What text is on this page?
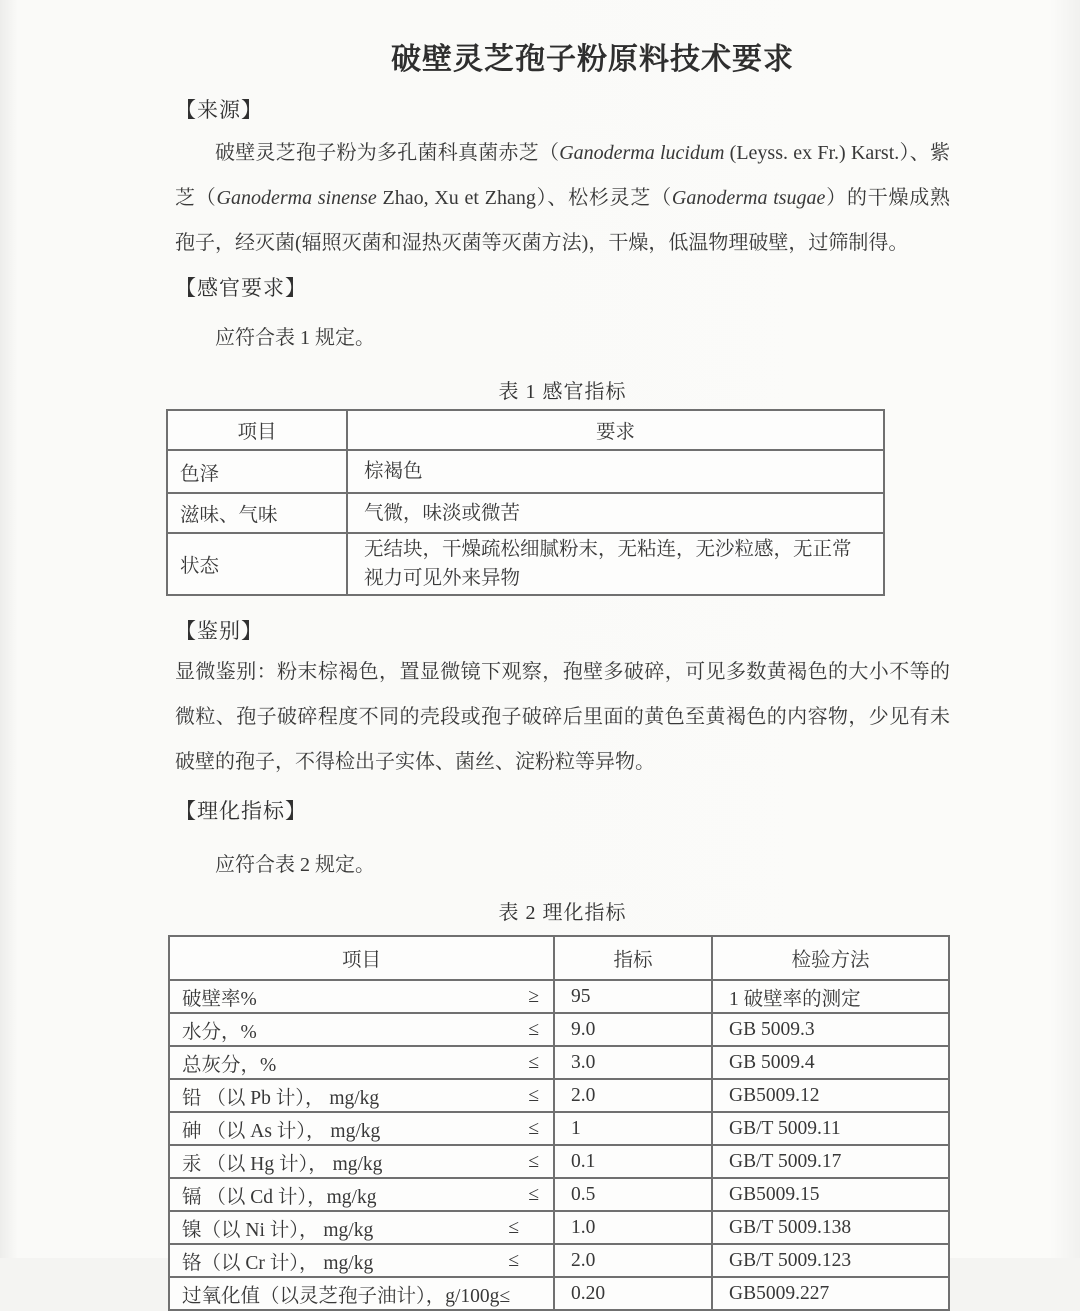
破壁灵芝孢子粉原料技术要求
【来源】

破壁灵芝孢子粉为多孔菌科真菌赤芝（Ganoderma lucidum (Leyss. ex Fr.) Karst.）、紫芝（Ganoderma sinense Zhao, Xu et Zhang）、松杉灵芝（Ganoderma tsugae）的干燥成熟孢子，经灭菌(辐照灭菌和湿热灭菌等灭菌方法)，干燥，低温物理破壁，过筛制得。

【感官要求】
应符合表 1 规定。
表 1 感官指标
项目	要求
色泽	棕褐色
滋味、气味	气微，味淡或微苦
状态	无结块，干燥疏松细腻粉末，无粘连，无沙粒感，无正常视力可见外来异物
【鉴别】

显微鉴别：粉末棕褐色，置显微镜下观察，孢壁多破碎，可见多数黄褐色的大小不等的微粒、孢子破碎程度不同的壳段或孢子破碎后里面的黄色至黄褐色的内容物，少见有未破壁的孢子，不得检出子实体、菌丝、淀粉粒等异物。

【理化指标】
应符合表 2 规定。
表 2 理化指标
项目	指标	检验方法

破壁率% ≥	95	1 破壁率的测定

水分，% ≤	9.0	GB 5009.3

总灰分，% ≤	3.0	GB 5009.4

铅 （以 Pb 计）， mg/kg ≤	2.0	GB5009.12

砷 （以 As 计）， mg/kg ≤	1	GB/T 5009.11

汞 （以 Hg 计）， mg/kg ≤	0.1	GB/T 5009.17

镉 （以 Cd 计），mg/kg ≤	0.5	GB5009.15

镍（以 Ni 计）， mg/kg ≤	1.0	GB/T 5009.138

铬（以 Cr 计）， mg/kg ≤	2.0	GB/T 5009.123

过氧化值（以灵芝孢子油计），g/100g≤	0.20	GB5009.227
